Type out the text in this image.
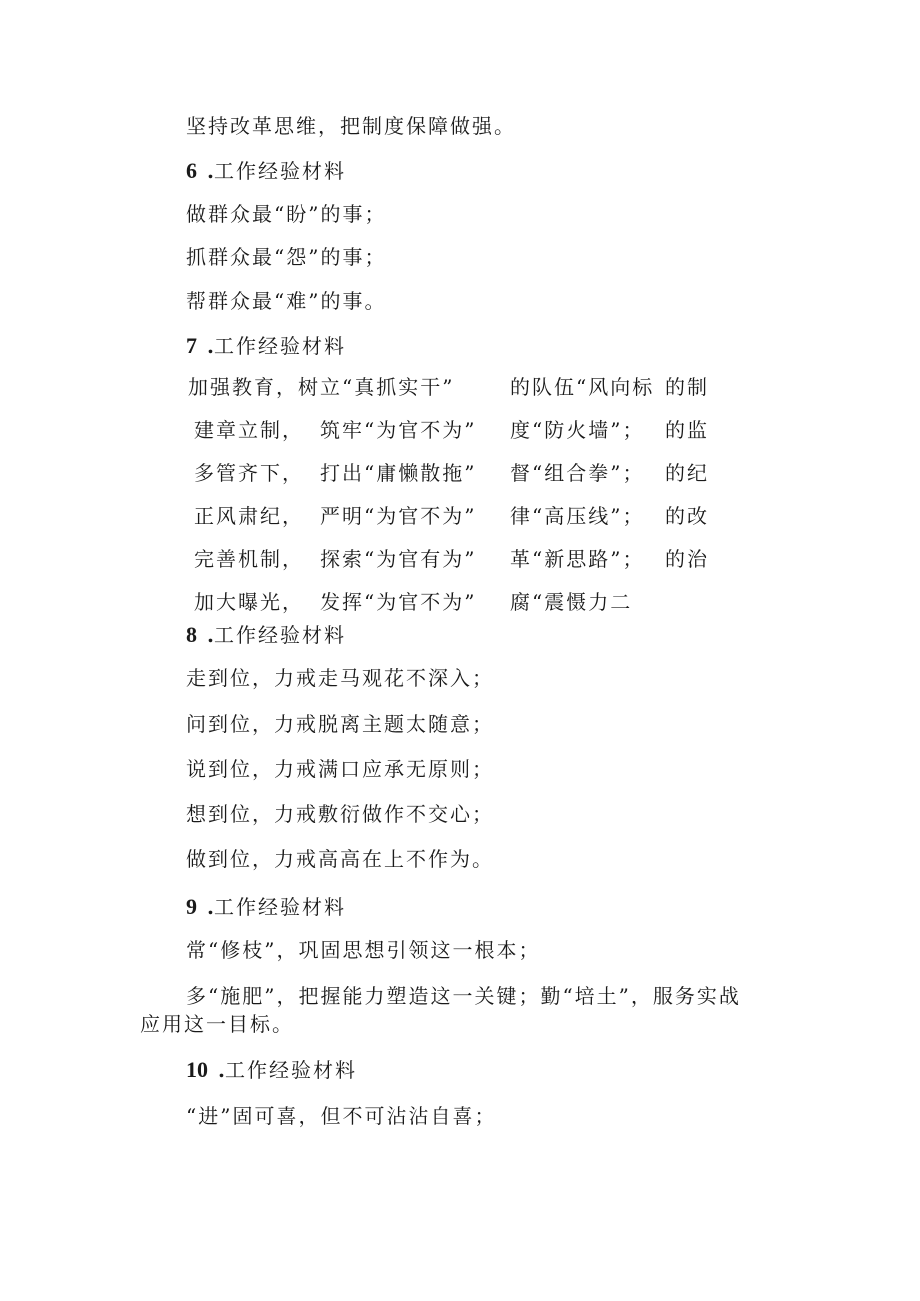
坚持改革思维，把制度保障做强。
6 .工作经验材料
做群众最“盼”的事；
抓群众最“怨”的事；
帮群众最“难”的事。
7 .工作经验材料
加强教育，树立“真抓实干”	的队伍“风向标 的制
建章立制， 筑牢“为官不为” 度“防火墙”； 的监
多管齐下， 打出“庸懒散拖” 督“组合拳”； 的纪
正风肃纪， 严明“为官不为” 律“高压线”； 的改
完善机制， 探索“为官有为” 革“新思路”； 的治
加大曝光， 发挥“为官不为” 腐“震慑力二
8 .工作经验材料
走到位，力戒走马观花不深入；
问到位，力戒脱离主题太随意；
说到位，力戒满口应承无原则；
想到位，力戒敷衍做作不交心；
做到位，力戒高高在上不作为。
9 .工作经验材料
常“修枝”，巩固思想引领这一根本；
多“施肥”，把握能力塑造这一关键；勤“培土”，服务实战
应用这一目标。
10 .工作经验材料
“进”固可喜，但不可沾沾自喜；
